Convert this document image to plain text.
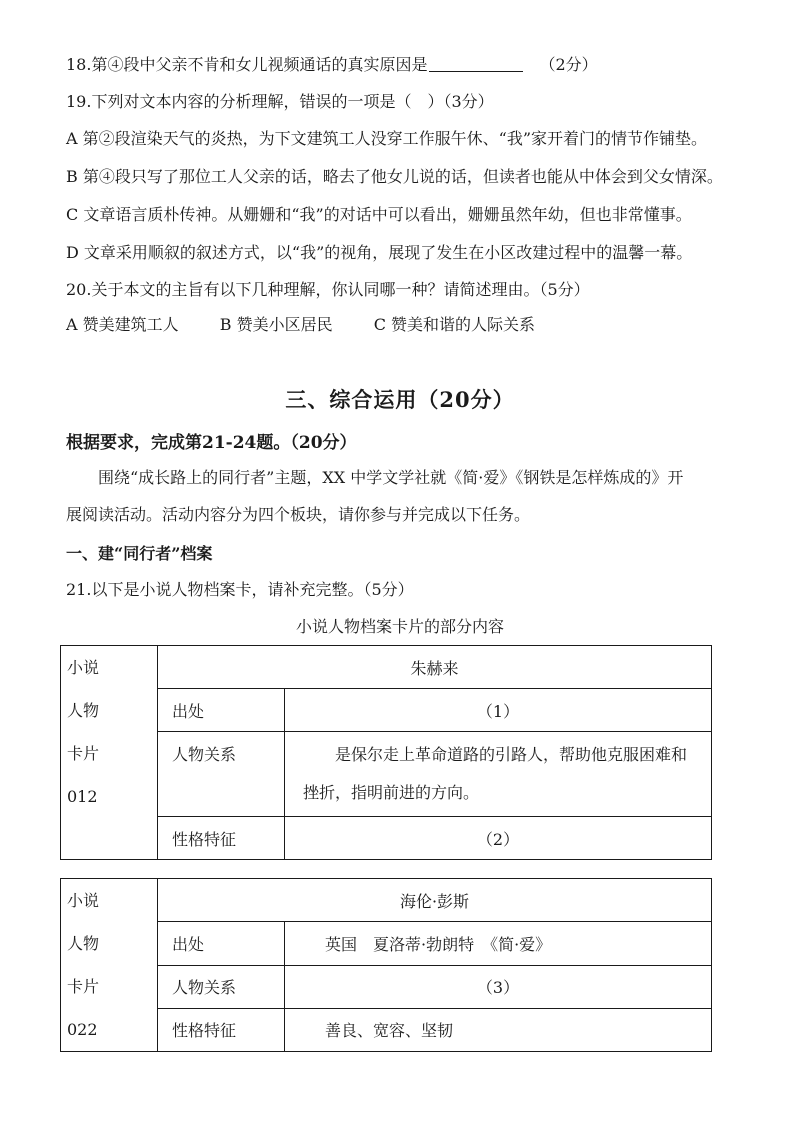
18.第④段中父亲不肯和女儿视频通话的真实原因是	（2分）
19.下列对文本内容的分析理解，错误的一项是（　）（3分）
A 第②段渲染天气的炎热，为下文建筑工人没穿工作服午休、“我”家开着门的情节作铺垫。
B 第④段只写了那位工人父亲的话，略去了他女儿说的话，但读者也能从中体会到父女情深。
C 文章语言质朴传神。从姗姗和“我”的对话中可以看出，姗姗虽然年幼，但也非常懂事。
D 文章采用顺叙的叙述方式，以“我”的视角，展现了发生在小区改建过程中的温馨一幕。
20.关于本文的主旨有以下几种理解，你认同哪一种？请简述理由。（5分）
A 赞美建筑工人	B 赞美小区居民	C 赞美和谐的人际关系
三、综合运用（20分）
根据要求，完成第21-24题。（20分）
围绕“成长路上的同行者”主题，XX 中学文学社就《简·爱》《钢铁是怎样炼成的》开
展阅读活动。活动内容分为四个板块，请你参与并完成以下任务。
一、建“同行者”档案
21.以下是小说人物档案卡，请补充完整。（5分）
小说人物档案卡片的部分内容
小说
人物
卡片
012	朱赫来	
	出处	（1）
	人物关系	是保尔走上革命道路的引路人，帮助他克服困难和挫折，指明前进的方向。
	性格特征	（2）
小说
人物
卡片
022	海伦·彭斯	
	出处	英国　夏洛蒂·勃朗特　《简·爱》
	人物关系	（3）
	性格特征	善良、宽容、坚韧
